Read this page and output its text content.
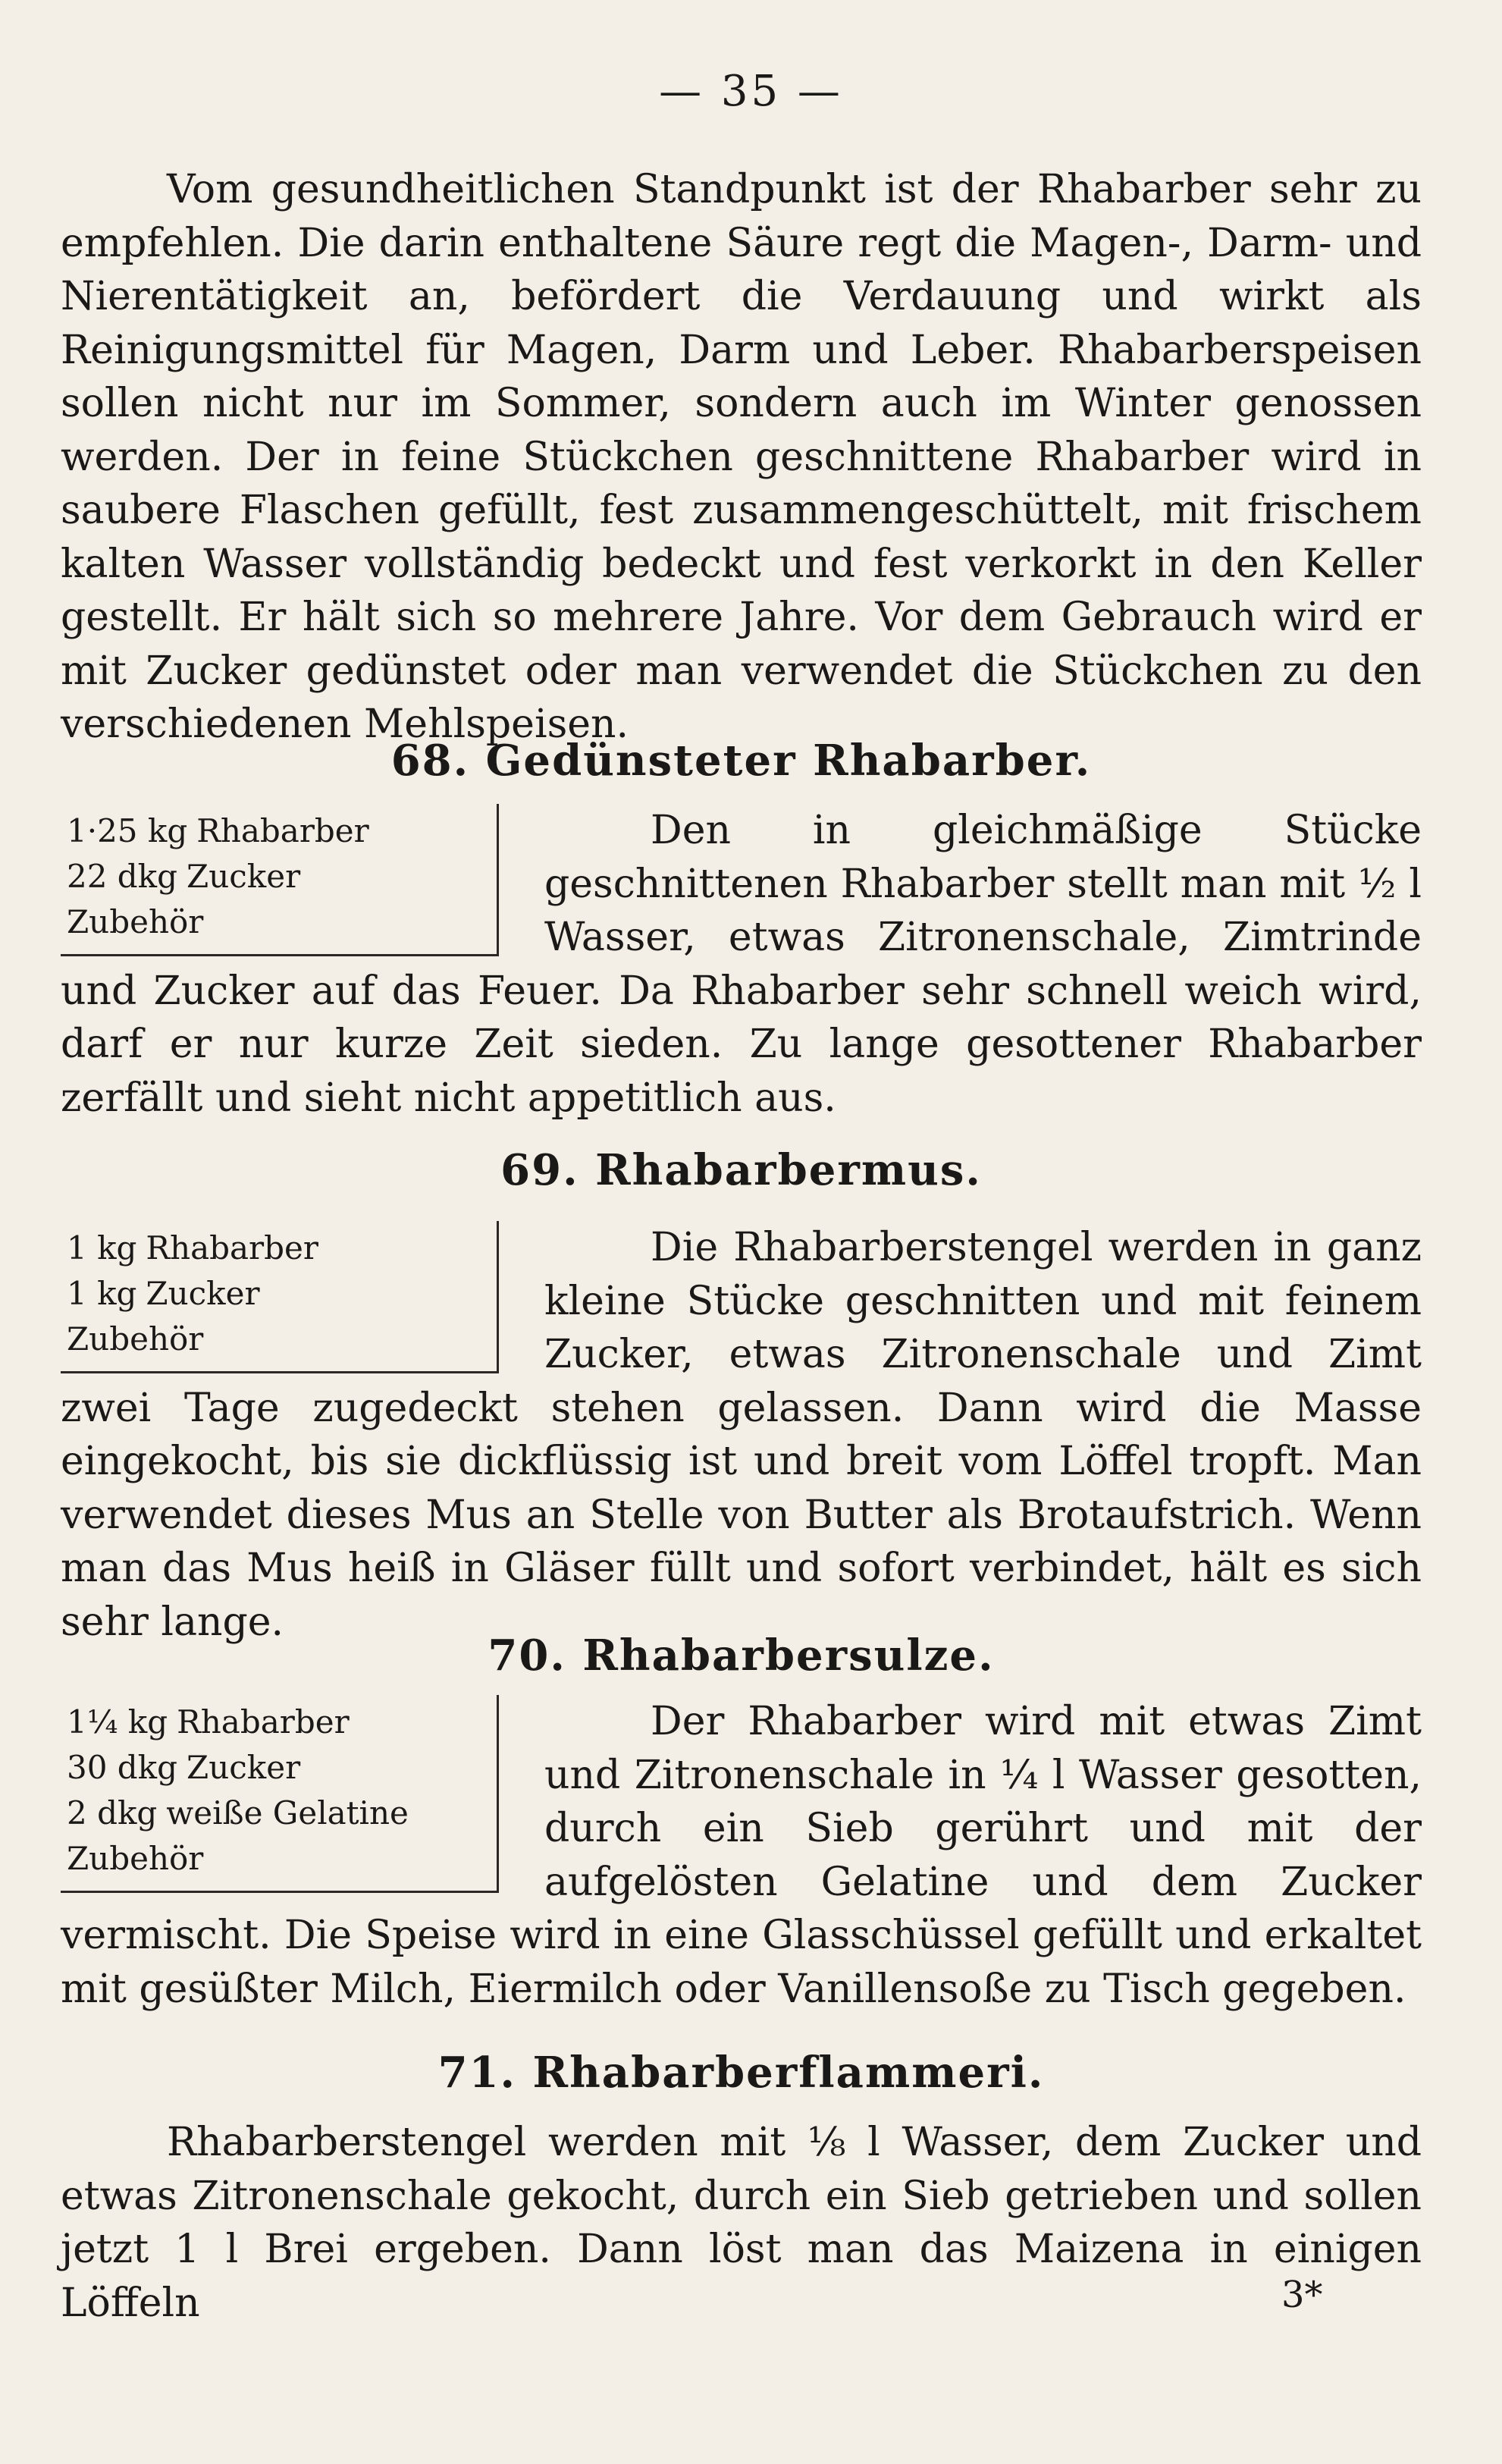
— 35 —
Vom gesundheitlichen Standpunkt ist der Rhabarber sehr zu empfehlen. Die darin enthaltene Säure regt die Magen-, Darm- und Nierentätigkeit an, befördert die Verdauung und wirkt als Reinigungsmittel für Magen, Darm und Leber. Rhabarberspeisen sollen nicht nur im Sommer, sondern auch im Winter genossen werden. Der in feine Stückchen geschnittene Rhabarber wird in saubere Flaschen gefüllt, fest zusammengeschüttelt, mit frischem kalten Wasser vollständig bedeckt und fest verkorkt in den Keller gestellt. Er hält sich so mehrere Jahre. Vor dem Gebrauch wird er mit Zucker gedünstet oder man verwendet die Stückchen zu den verschiedenen Mehlspeisen.
68. Gedünsteter Rhabarber.
1·25 kg Rhabarber
22 dkg Zucker
Zubehör
Den in gleichmäßige Stücke geschnittenen Rhabarber stellt man mit ½ l Wasser, etwas Zitronenschale, Zimtrinde und Zucker auf das Feuer. Da Rhabarber sehr schnell weich wird, darf er nur kurze Zeit sieden. Zu lange gesottener Rhabarber zerfällt und sieht nicht appetitlich aus.
69. Rhabarbermus.
1 kg Rhabarber
1 kg Zucker
Zubehör
Die Rhabarberstengel werden in ganz kleine Stücke geschnitten und mit feinem Zucker, etwas Zitronenschale und Zimt zwei Tage zugedeckt stehen gelassen. Dann wird die Masse eingekocht, bis sie dickflüssig ist und breit vom Löffel tropft. Man verwendet dieses Mus an Stelle von Butter als Brotaufstrich. Wenn man das Mus heiß in Gläser füllt und sofort verbindet, hält es sich sehr lange.
70. Rhabarbersulze.
1¼ kg Rhabarber
30 dkg Zucker
2 dkg weiße Gelatine
Zubehör
Der Rhabarber wird mit etwas Zimt und Zitronenschale in ¼ l Wasser gesotten, durch ein Sieb gerührt und mit der aufgelösten Gelatine und dem Zucker vermischt. Die Speise wird in eine Glasschüssel gefüllt und erkaltet mit gesüßter Milch, Eiermilch oder Vanillensoße zu Tisch gegeben.
71. Rhabarberflammeri.
Rhabarberstengel werden mit ⅛ l Wasser, dem Zucker und etwas Zitronenschale gekocht, durch ein Sieb getrieben und sollen jetzt 1 l Brei ergeben. Dann löst man das Maizena in einigen Löffeln	3*
